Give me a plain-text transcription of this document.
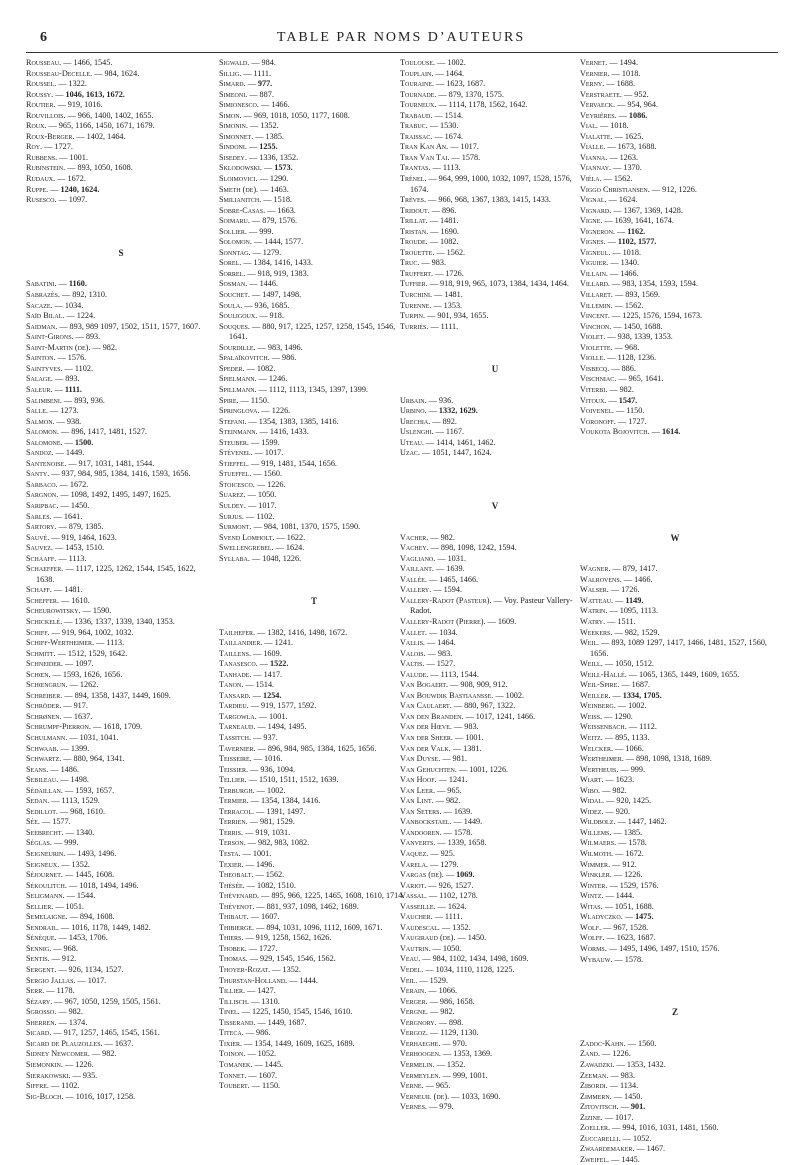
6	TABLE PAR NOMS D’AUTEURS
Rousseau. — 1466, 1545.
Rousseau-Decelle. — 984, 1624.
Roussel. — 1322.
Roussy. — 1046, 1613, 1672.
Routier. — 919, 1016.
Rouvillois. — 966, 1400, 1402, 1655.
Roux. — 965, 1166, 1450, 1671, 1679.
Roux-Berger. — 1402, 1464.
Roy. — 1727.
Rubbens. — 1001.
Rubinstein. — 893, 1050, 1608.
Rudaux. — 1672.
Ruppe. — 1240, 1624.
Rusesco. — 1097.
S
Sabatini. — 1160.
Sabrazès. — 892, 1310.
Sacaze. — 1034.
Saïd Bilal. — 1224.
Saidman. — 893, 989 1097, 1502, 1511, 1577, 1607.
Saint-Girons. — 893.
Saint-Martin (de). — 982.
Sainton. — 1576.
Saintyves. — 1102.
Salage. — 893.
Saleur. — 1111.
Salimbeni. — 893, 936.
Salle. — 1273.
Salmon. — 938.
Salomon. — 896, 1417, 1481, 1527.
Salomone. — 1500.
Sandoz. — 1449.
Santenoise. — 917, 1031, 1481, 1544.
Santy. — 937, 984, 985, 1384, 1416, 1593, 1656.
Sarbaco. — 1672.
Sargnon. — 1098, 1492, 1495, 1497, 1625.
Saripbac. — 1450.
Sarles. — 1641.
Sartory. — 879, 1385.
Sauvé. — 919, 1464, 1623.
Sauvez. — 1453, 1510.
Schaaff. — 1113.
Schaeffer. — 1117, 1225, 1262, 1544, 1545, 1622, 1638.
Schaff. — 1481.
Scheffer. — 1610.
Scheurowitsky. — 1590.
Schickelé. — 1336, 1337, 1339, 1340, 1353.
Schiff. — 919, 964, 1002, 1032.
Schiff-Wertheimer. — 1113.
Schmitt. — 1512, 1529, 1642.
Schneider. — 1097.
Schœn. — 1593, 1626, 1656.
Schœngrun. — 1262.
Schreiber. — 894, 1358, 1437, 1449, 1609.
Schröder. — 917.
Schrønen. — 1637.
Schrumpf-Pierron. — 1618, 1709.
Schulmann. — 1031, 1041.
Schwaab. — 1399.
Schwartz. — 880, 964, 1341.
Seans. — 1486.
Sebileau. — 1498.
Sédaillan. — 1593, 1657.
Sedan. — 1113, 1529.
Sedillot. — 968, 1610.
Sée. — 1577.
Seebrecht. — 1340.
Séglas. — 999.
Seigneurin. — 1493, 1496.
Seigneux. — 1352.
Séjournet. — 1445, 1608.
Sékoulitch. — 1018, 1494, 1496.
Seligmann. — 1544.
Sellier. — 1051.
Semelaigne. — 894, 1608.
Sendrail. — 1016, 1178, 1449, 1482.
Sénèque. — 1453, 1706.
Sennig. — 968.
Sentis. — 912.
Sergent. — 926, 1134, 1527.
Sergio Jallas. — 1017.
Serr. — 1178.
Sézary. — 967, 1050, 1259, 1505, 1561.
Sgrosso. — 982.
Sherren. — 1374.
Sicard. — 917, 1257, 1465, 1545, 1561.
Sicard de Plauzolles. — 1637.
Sidney Newcomer. — 982.
Siemonkin. — 1226.
Sierakowski. — 935.
Siffre. — 1102.
Sig-Bloch. — 1016, 1017, 1258.
Sigwald. — 984.
Sillig. — 1111.
Simard. — 977.
Simeoni. — 887.
Simionesco. — 1466.
Simon. — 969, 1018, 1050, 1177, 1608.
Simonin. — 1352.
Simonnet. — 1385.
Sindoni. — 1255.
Sisedey. — 1336, 1352.
Sklodowski. — 1573.
Sloimovici. — 1290.
Smeth (de). — 1463.
Smilianitch. — 1518.
Sobre-Casas. — 1663.
Soimaru. — 879, 1576.
Sollier. — 999.
Solomon. — 1444, 1577.
Sonntag. — 1279.
Sorel. — 1384, 1416, 1433.
Sorrel. — 918, 919, 1383.
Sosman. — 1446.
Souchet. — 1497, 1498.
Soula. — 936, 1685.
Souligoux. — 918.
Souques. — 880, 917, 1225, 1257, 1258, 1545, 1546, 1641.
Sourdille. — 983, 1496.
Spalaïkovitch. — 986.
Speder. — 1082.
Spielmann. — 1246.
Spillmann. — 1112, 1113, 1345, 1397, 1399.
Spire. — 1150.
Springlova. — 1226.
Stefani. — 1354, 1383, 1385, 1416.
Steinmann. — 1416, 1433.
Steuber. — 1599.
Stévenel. — 1017.
Stieffel. — 919, 1481, 1544, 1656.
Stueffel. — 1560.
Stoicesco. — 1226.
Suarez. — 1050.
Suldey. — 1017.
Surjus. — 1102.
Surmont. — 984, 1081, 1370, 1575, 1590.
Svend Lomholt. — 1622.
Swellengrebel. — 1624.
Syllaba. — 1048, 1226.
T
Tailhefer. — 1382, 1416, 1498, 1672.
Taillandier. — 1241.
Taillens. — 1609.
Tanasesco. — 1522.
Tanhade. — 1417.
Tanon. — 1514.
Tansard. — 1254.
Tardieu. — 919, 1577, 1592.
Targowla. — 1001.
Tarneaud. — 1494, 1495.
Tassitch. — 937.
Tavernier. — 896, 984, 985, 1384, 1625, 1656.
Teisseire. — 1016.
Teissier. — 936, 1094.
Tellier. — 1510, 1511, 1512, 1639.
Terburgh. — 1002.
Termier. — 1354, 1384, 1416.
Terracol. — 1391, 1497.
Terrien. — 981, 1529.
Terris. — 919, 1031.
Terson. — 982, 983, 1082.
Testa. — 1001.
Texier. — 1496.
Theobalt. — 1562.
Thésée. — 1082, 1510.
Thévenard. — 895, 966, 1225, 1465, 1608, 1610, 1714.
Thévenot. — 881, 937, 1098, 1462, 1689.
Thibaut. — 1607.
Thibierge. — 894, 1031, 1096, 1112, 1609, 1671.
Thiers. — 919, 1258, 1562, 1626.
Thobek. — 1727.
Thomas. — 929, 1545, 1546, 1562.
Thoyer-Rozat. — 1352.
Thurstan-Holland. — 1444.
Tillier. — 1427.
Tillisch. — 1310.
Tinel. — 1225, 1450, 1545, 1546, 1610.
Tisserand. — 1449, 1687.
Titeca. — 986.
Tixier. — 1354, 1449, 1609, 1625, 1689.
Toinon. — 1052.
Tomanek. — 1445.
Tonnet. — 1607.
Toubert. — 1150.
Toulouse. — 1002.
Touplain. — 1464.
Touraine. — 1623, 1687.
Tournade. — 879, 1370, 1575.
Tourneux. — 1114, 1178, 1562, 1642.
Trabaud. — 1514.
Trabuc. — 1530.
Traissac. — 1674.
Tran Kan An. — 1017.
Tran Van Tai. — 1578.
Trantas. — 1113.
Trénel. — 964, 999, 1000, 1032, 1097, 1528, 1576, 1674.
Trèves. — 966, 968, 1367, 1383, 1415, 1433.
Tridout. — 896.
Trillat. — 1481.
Tristan. — 1690.
Troude. — 1082.
Trouette. — 1562.
Truc. — 983.
Truffert. — 1726.
Tuffier. — 918, 919, 965, 1073, 1384, 1434, 1464.
Turchini. — 1481.
Turenne. — 1353.
Turpin. — 901, 934, 1655.
Turriès. — 1111.
U
Urbain. — 936.
Urbino. — 1332, 1629.
Urechia. — 892.
Uslenghi. — 1167.
Uteau. — 1414, 1461, 1462.
Uzac. — 1051, 1447, 1624.
V
Vacher. — 982.
Vachey. — 898, 1098, 1242, 1594.
Vagliano. — 1031.
Vaillant. — 1639.
Vallée. — 1465, 1466.
Vallery. — 1594.
Vallery-Radot (Pasteur). — Voy. Pasteur Vallery-Radot.
Vallery-Radot (Pierre). — 1609.
Vallet. — 1034.
Vallis. — 1464.
Valois. — 983.
Valtis. — 1527.
Valude. — 1113, 1544.
Van Bogaert. — 908, 909, 912.
Van Bouwdik Bastiaansse. — 1002.
Van Caulaert. — 880, 967, 1322.
Van den Branden. — 1017, 1241, 1466.
Van der Hœve. — 983.
Van der Sheer. — 1001.
Van der Valk. — 1381.
Van Duyse. — 981.
Van Gehuchten. — 1001, 1226.
Van Hoof. — 1241.
Van Leer. — 965.
Van Lint. — 982.
Van Seters. — 1639.
Vanbockstael. — 1449.
Vandooren. — 1578.
Vanverts. — 1339, 1658.
Vaquez. — 925.
Varela. — 1279.
Vargas (de). — 1069.
Variot. — 926, 1527.
Vassal. — 1102, 1278.
Vasseille. — 1624.
Vaucher. — 1111.
Vaudescal. — 1352.
Vaugiraud (de). — 1450.
Vautrin. — 1050.
Veau. — 984, 1102, 1434, 1498, 1609.
Vedel. — 1034, 1110, 1128, 1225.
Veil. — 1529.
Verain. — 1066.
Verger. — 986, 1658.
Vergne. — 982.
Vergnory. — 898.
Vergoz. — 1129, 1130.
Verhaeghe. — 970.
Verhoogen. — 1353, 1369.
Vermelin. — 1352.
Vermeylen. — 999, 1001.
Verne. — 965.
Verneuil (de). — 1033, 1690.
Vernes. — 979.
Vernet. — 1494.
Vernier. — 1018.
Verny. — 1688.
Verstraete. — 952.
Vervaeck. — 954, 964.
Veyrières. — 1086.
Vial. — 1018.
Vialatte. — 1625.
Vialle. — 1673, 1688.
Vianna. — 1263.
Viannay. — 1370.
Viéla. — 1562.
Viggo Christiansen. — 912, 1226.
Vignal. — 1624.
Vignard. — 1367, 1369, 1428.
Vigne. — 1639, 1641, 1674.
Vigneron. — 1162.
Vignes. — 1102, 1577.
Vigneul. — 1018.
Viguier. — 1340.
Villain. — 1466.
Villard. — 983, 1354, 1593, 1594.
Villaret. — 893, 1569.
Villemin. — 1562.
Vincent. — 1225, 1576, 1594, 1673.
Vinchon. — 1450, 1688.
Violet. — 938, 1339, 1353.
Violette. — 968.
Violle. — 1128, 1236.
Visbecq. — 886.
Vischniac. — 965, 1641.
Viterbi. — 982.
Vitoux. — 1547.
Voivenel. — 1150.
Voronoff. — 1727.
Voukota Bojovitch. — 1614.
W
Wagner. — 879, 1417.
Walrovens. — 1466.
Walser. — 1726.
Watteau. — 1149.
Watrin. — 1095, 1113.
Watry. — 1511.
Weekers. — 982, 1529.
Weil. — 893, 1089 1297, 1417, 1466, 1481, 1527, 1560, 1656.
Weill. — 1050, 1512.
Weill-Hallé. — 1065, 1365, 1449, 1609, 1655.
Weil-Spire. — 1687.
Weiller. — 1334, 1705.
Weinberg. — 1002.
Weiss. — 1290.
Weissenbach. — 1112.
Weitz. — 895, 1133.
Welcker. — 1066.
Wertheimer. — 898, 1098, 1318, 1689.
Wertheuis. — 999.
Wiart. — 1623.
Wibo. — 982.
Widal. — 920, 1425.
Widez. — 920.
Wildbolz. — 1447, 1462.
Willems. — 1385.
Wilmaers. — 1578.
Wilmoth. — 1672.
Wimmer. — 912.
Winkler. — 1226.
Winter. — 1529, 1576.
Wintz. — 1444.
Witas. — 1051, 1688.
Wladyczko. — 1475.
Wolf. — 967, 1528.
Wolff. — 1623, 1687.
Worms. — 1495, 1496, 1497, 1510, 1576.
Wybauw. — 1578.
Z
Zadoc-Kahn. — 1560.
Zand. — 1226.
Zawadzki. — 1353, 1432.
Zeeman. — 983.
Zibordi. — 1134.
Zimmern. — 1450.
Zitovitsch. — 901.
Zizine. — 1017.
Zoeller. — 994, 1016, 1031, 1481, 1560.
Zuccarelli. — 1052.
Zwaardemaker. — 1467.
Zweifel. — 1445.
